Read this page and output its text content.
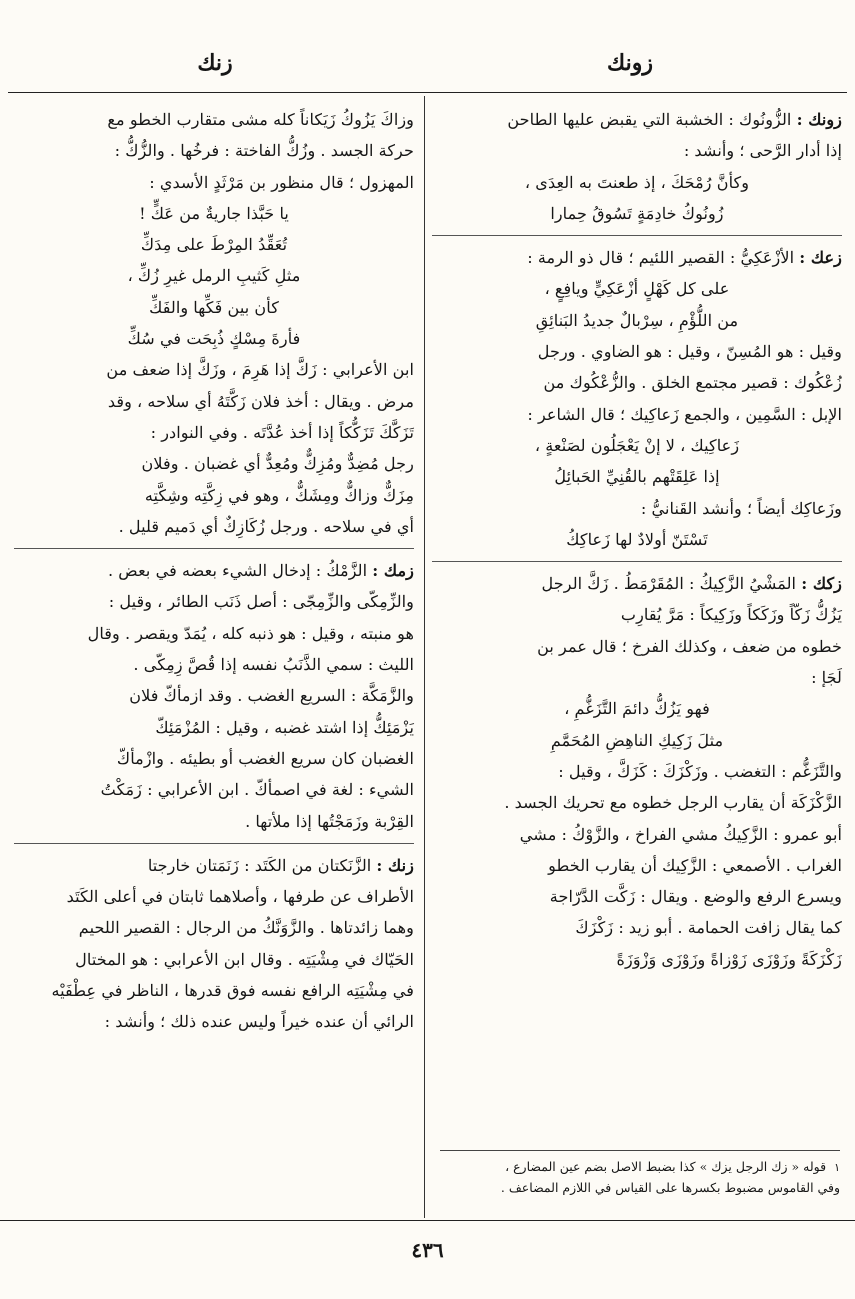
زونك
زنك
زونك : الزُّونُوك : الخشبة التي يقبض عليها الطاحن
إذا أدار الرَّحى ؛ وأنشد :
وكأنَّ رُمْحَكَ ، إذ طعنتَ به العِدَى ،
زُونُوكُ خادِمَةٍ تَسُوقُ حِمارا
زعك : الأزْعَكِيُّ : القصير اللئيم ؛ قال ذو الرمة :
على كل كَهْلٍ أزْعَكِيٍّ ويافِعٍ ،
من اللُّؤْمِ ، سِرْبالٌ جديدُ البَنائِقِ
وقيل : هو المُسِنّ ، وقيل : هو الضاوي . ورجل
زُعْكُوك : قصير مجتمع الخلق . والزُّعْكُوك من
الإبل : السَّمِين ، والجمع زَعاكِيك ؛ قال الشاعر :
زَعاكِيك ، لا إنْ يَعْجَلُون لصَنْعةٍ ،
إذا عَلِقَتْهم بالقُنِيِّ الحَبائِلُ
وزَعاكِك أيضاً ؛ وأنشد القَنانيُّ :
تَسْتَنّ أولادٌ لها زَعاكِكُ
زكك : المَشْيُ الزَّكِيكُ : المُقَرْمَطُ . زَكَّ الرجل
يَزُكُّ زَكّاً وزَكَكاً وزَكِيكاً : مَرَّ يُقارِب
خطوه من ضعف ، وكذلك الفرخ ؛ قال عمر بن
لَجَإ :
فهو يَزُكُّ دائمَ التَّزَغُّمِ ،
مثلَ زَكِيكِ الناهِضِ المُحَمَّمِ
والتَّزَغُّم : التغضب . وزَكْزَكَ : كَزَكَّ ، وقيل :
الزَّكْزَكَة أن يقارب الرجل خطوه مع تحريك الجسد .
أبو عمرو : الزَّكِيكُ مشي الفراخ ، والزَّوْكُ : مشي
الغراب . الأصمعي : الزَّكِيك أن يقارب الخطو
ويسرع الرفع والوضع . ويقال : زَكَّت الدَّرّاجة
كما يقال زافت الحمامة . أبو زيد : زَكْزَكَ
زَكْزَكَةً وزَوْزَى زَوْزاةً وزَوْزَى وَزْوَزَةً
وزاكَ يَزُوكُ زَيَكاناً كله مشى متقارب الخطو مع
حركة الجسد . وزُكُّ الفاختة : فرخُها . والزُّكُّ :
المهزول ؛ قال منظور بن مَرْثَدٍ الأسدي :
يا حَبَّذا جاريةٌ من عَكٍّ !
تُعَقِّدُ المِرْطَ على مِدَكِّ
مثلِ كَثيبِ الرمل غيرِ زُكِّ ،
كأن بين فَكِّها والفَكِّ
فأرةَ مِسْكٍ ذُبِحَت في سُكِّ
ابن الأعرابي : زَكَّ إذا هَرِمَ ، وزَكَّ إذا ضعف من
مرض . ويقال : أخذ فلان زَكَّتَهُ أي سلاحه ، وقد
تَزَكَّكَ تَزَكُّكاً إذا أخذ عُدَّتَه . وفي النوادر :
رجل مُضِدٌّ ومُزِكٌّ ومُعِدٌّ أي غضبان . وفلان
مِزَكٌّ وزاكٌّ ومِشَكٌّ ، وهو في زِكَّتِه وشِكَّتِه
أي في سلاحه . ورجل زُكَازِكٌ أي دَميم قليل .
زمك : الزَّمْكُ : إدخال الشيء بعضه في بعض .
والزِّمِكّى والزِّمِجّى : أصل ذَنَب الطائر ، وقيل :
هو منبته ، وقيل : هو ذنبه كله ، يُمَدّ ويقصر . وقال
الليث : سمي الذَّنَبُ نفسه إذا قُصَّ زِمِكّى .
والزَّمَكَّة : السريع الغضب . وقد ازمأكّ فلان
يَزْمَئِكُّ إذا اشتد غضبه ، وقيل : المُزْمَئِكّ
الغضبان كان سريع الغضب أو بطيئه . وازْمأكّ
الشيء : لغة في اصمأكّ . ابن الأعرابي : زَمَكْتُ
القِرْبة وزَمَجْتُها إذا ملأتها .
زنك : الزَّنَكتان من الكَتَد : زَنَمَتان خارجتا
الأطراف عن طرفها ، وأصلاهما ثابتان في أعلى الكَتَد
وهما زائدتاها . والزَّوَنَّكُ من الرجال : القصير اللحيم
الحَيّاك في مِشْيَتِه . وقال ابن الأعرابي : هو المختال
في مِشْيَتِه الرافع نفسه فوق قدرها ، الناظر في عِطْفَيْه
الرائي أن عنده خيراً وليس عنده ذلك ؛ وأنشد :
١ قوله « زك الرجل يزك » كذا بضبط الاصل بضم عين المضارع ،
وفي القاموس مضبوط بكسرها على القياس في اللازم المضاعف .
٤٣٦
